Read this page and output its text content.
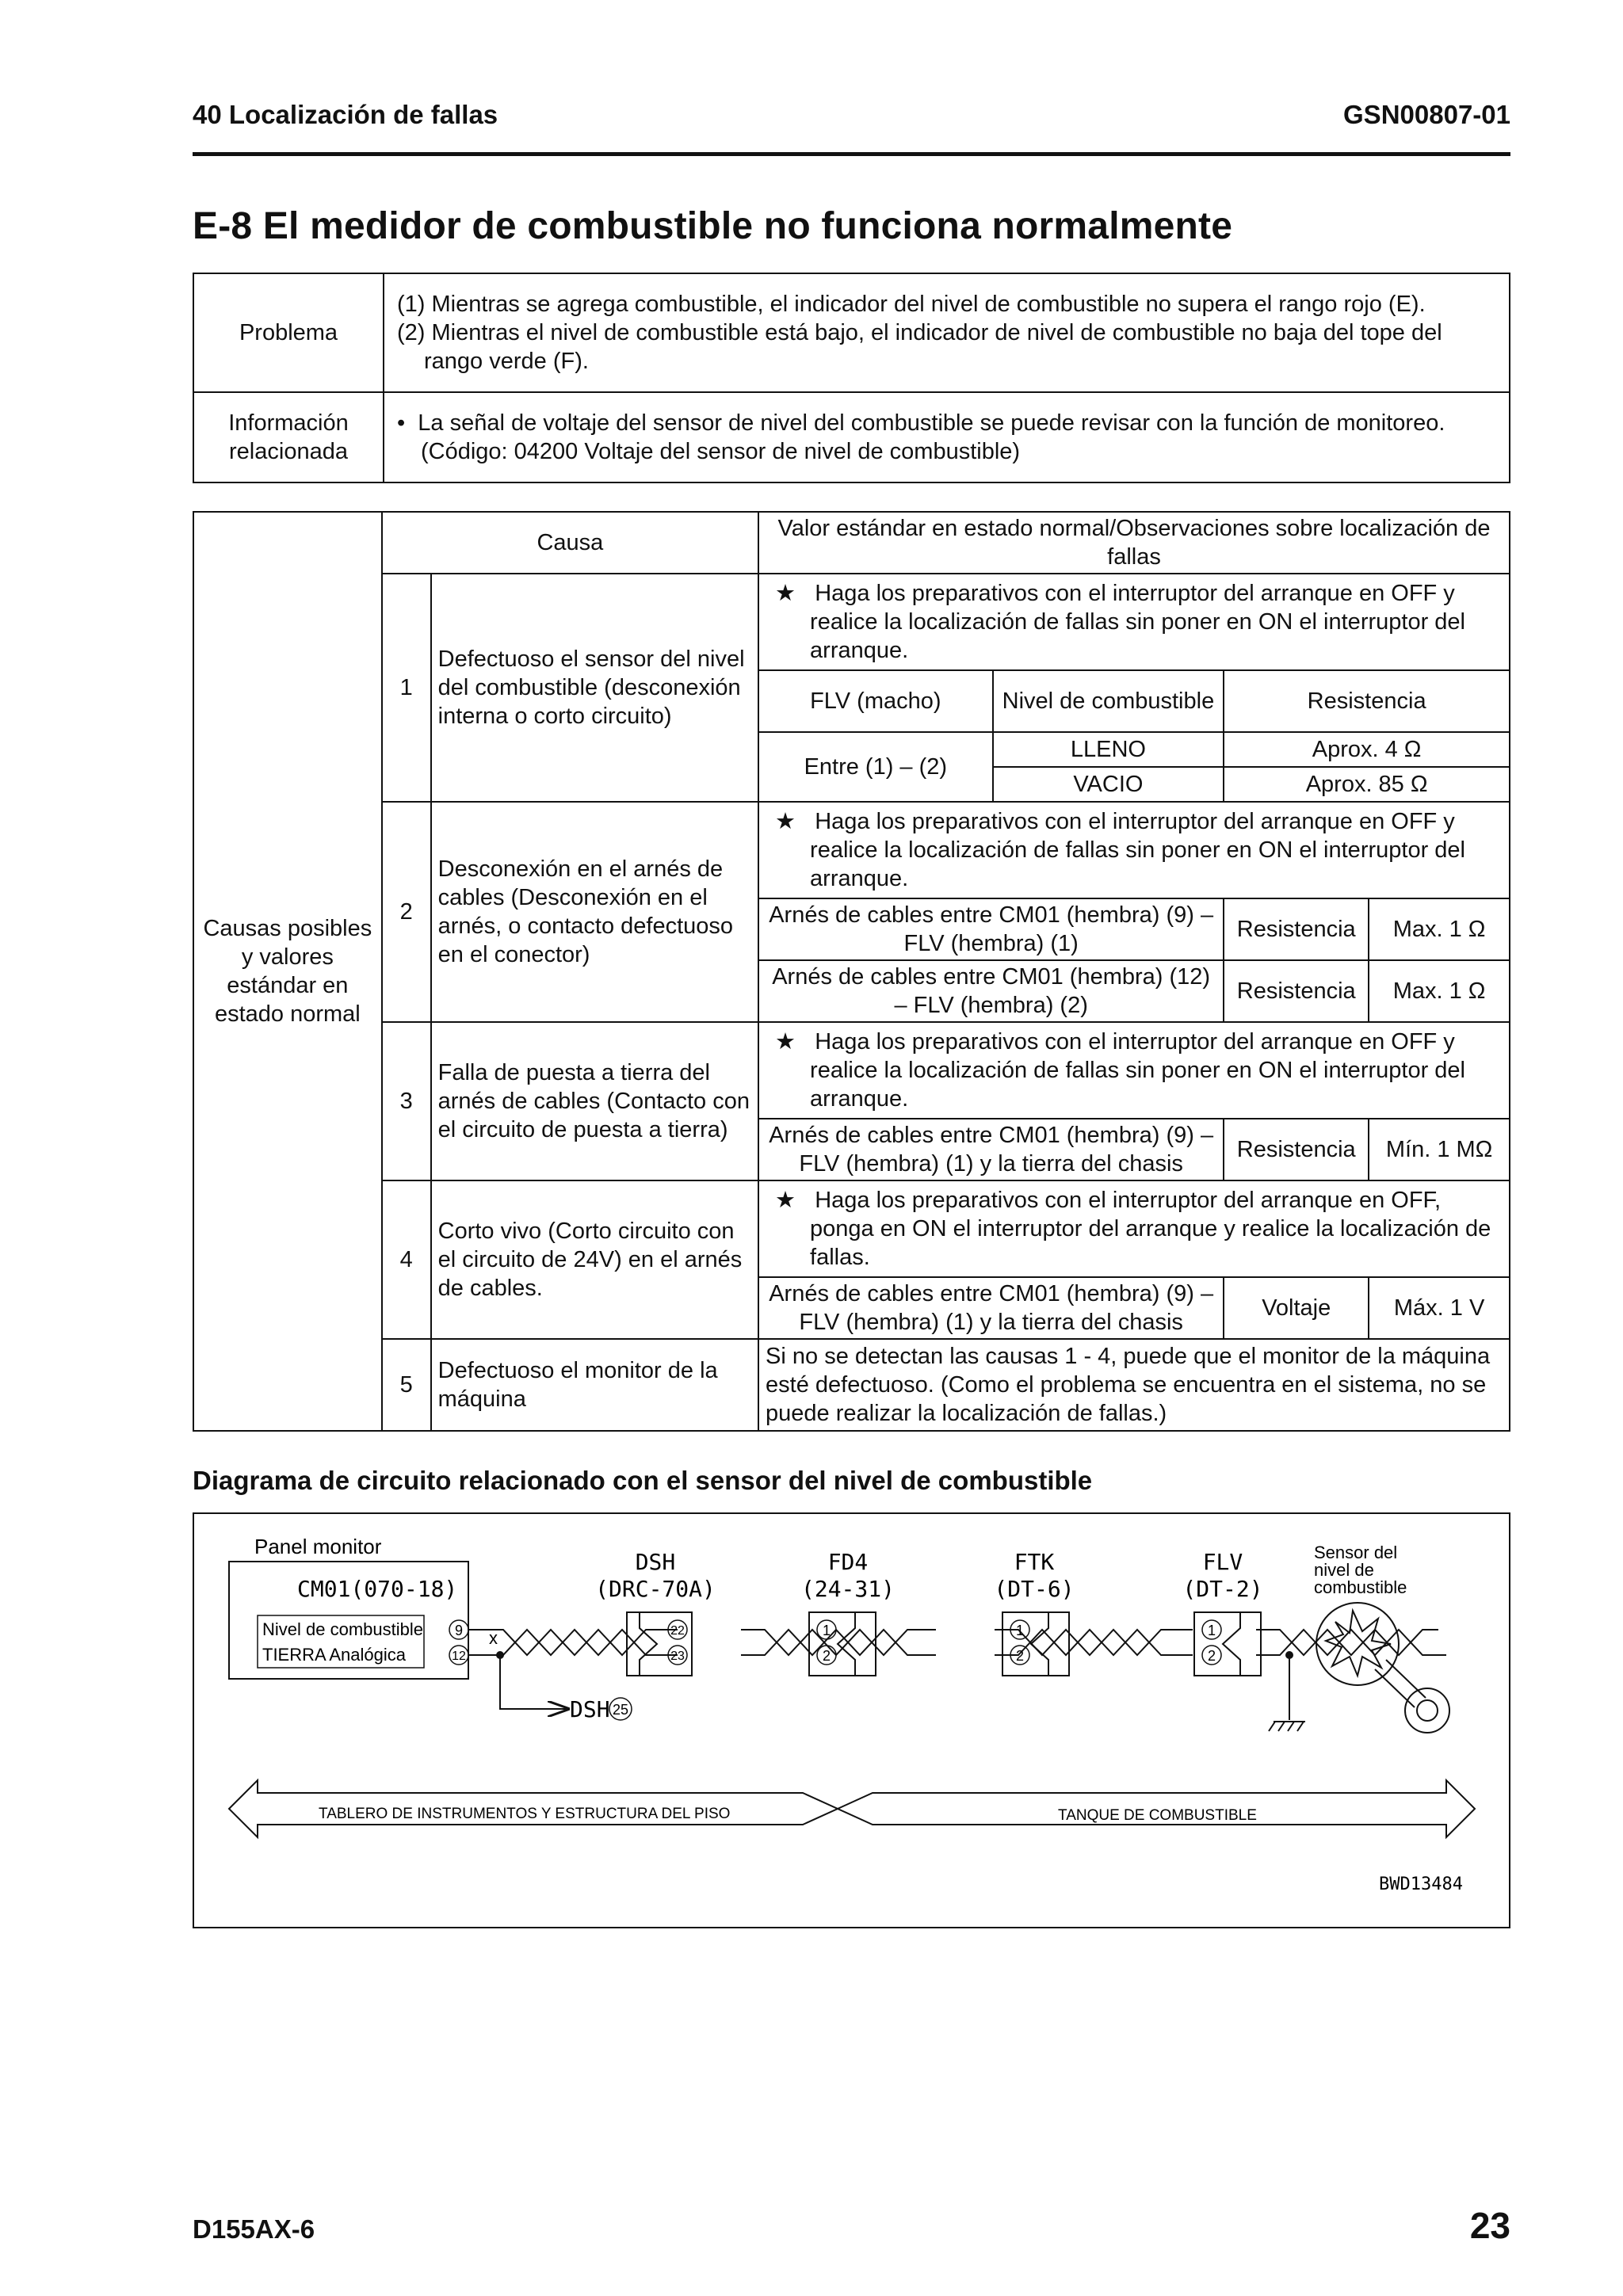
40 Localización de fallas	GSN00807-01
E-8 El medidor de combustible no funciona normalmente
Problema	(1) Mientras se agrega combustible, el indicador del nivel de combustible no supera el rango rojo (E).
(2) Mientras el nivel de combustible está bajo, el indicador de nivel de combustible no baja del tope del rango verde (F).

Información relacionada	• La señal de voltaje del sensor de nivel del combustible se puede revisar con la función de monitoreo.
(Código: 04200 Voltaje del sensor de nivel de combustible)
Causas posibles y valores estándar en estado normal	Causa		Valor estándar en estado normal/Observaciones sobre localización de fallas			
	1	Defectuoso el sensor del nivel del combustible (desconexión interna o corto circuito)	★ Haga los preparativos con el interruptor del arranque en OFF y realice la localización de fallas sin poner en ON el interruptor del arranque.			

			FLV (macho)	Nivel de combustible	Resistencia	
			Entre (1) – (2)	LLENO	Aprox. 4 Ω	
				VACIO	Aprox. 85 Ω	
	2	Desconexión en el arnés de cables (Desconexión en el arnés, o contacto defectuoso en el conector)	★ Haga los preparativos con el interruptor del arranque en OFF y realice la localización de fallas sin poner en ON el interruptor del arranque.			

			Arnés de cables entre CM01 (hembra) (9) – FLV (hembra) (1)		Resistencia	Max. 1 Ω
			Arnés de cables entre CM01 (hembra) (12) – FLV (hembra) (2)		Resistencia	Max. 1 Ω
	3	Falla de puesta a tierra del arnés de cables (Contacto con el circuito de puesta a tierra)	★ Haga los preparativos con el interruptor del arranque en OFF y realice la localización de fallas sin poner en ON el interruptor del arranque.			

			Arnés de cables entre CM01 (hembra) (9) – FLV (hembra) (1) y la tierra del chasis		Resistencia	Mín. 1 MΩ
	4	Corto vivo (Corto circuito con el circuito de 24V) en el arnés de cables.	★ Haga los preparativos con el interruptor del arranque en OFF, ponga en ON el interruptor del arranque y realice la localización de fallas.			

			Arnés de cables entre CM01 (hembra) (9) – FLV (hembra) (1) y la tierra del chasis		Voltaje	Máx. 1 V
	5	Defectuoso el monitor de la máquina	Si no se detectan las causas 1 - 4, puede que el monitor de la máquina esté defectuoso. (Como el problema se encuentra en el sistema, no se puede realizar la localización de fallas.)			
Diagrama de circuito relacionado con el sensor del nivel de combustible
Panel monitor
CM01(070-18)
Nivel de combustible
TIERRA Analógica
9
12
x
DSH 25
DSH
(DRC-70A)
22
23
FD4
(24-31)
1
2
FTK
(DT-6)
1
2
FLV
(DT-2)
1
2
Sensor del
nivel de
combustible
TABLERO DE INSTRUMENTOS Y ESTRUCTURA DEL PISO	TANQUE DE COMBUSTIBLE
BWD13484
D155AX-6	23
